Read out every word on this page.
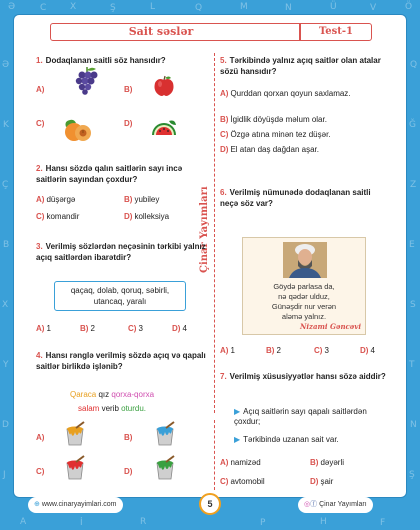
Ə	C	X	Ş	L	Q	M	N	Ü	V	Ö
Ə
K
Ç
B
X
Y
D
J
Q
Ğ
Z
E
S
T
N
Ş
A	İ	R	P	H	F
Sait səslər	Test-1
Çinar Yayımları
1. Dodaqlanan saitli söz hansıdır?
A)	B)
C)	D)
2. Hansı sözdə qalın saitlərin sayı incə saitlərin sayından çoxdur?
A) düşərgə	B) yubiley
C) komandir	D) kolleksiya
3. Verilmiş sözlərdən neçəsinin tərkibi yalnız açıq saitlərdən ibarətdir?
qaçaq, dolab, qoruq, səbirli, utancaq, yaralı
A) 1	B) 2	C) 3	D) 4
4. Hansı rənglə verilmiş sözdə açıq və qapalı saitlər birlikdə işlənib?
Qaraca qız qorxa-qorxa
salam verib oturdu.
A)	B)
C)	D)
5. Tərkibində yalnız açıq saitlər olan atalar sözü hansıdır?
A) Qurddan qorxan qoyun saxlamaz.
B) İgidlik döyüşdə məlum olar.
C) Özgə atına minən tez düşər.
D) El atan daş dağdan aşar.
6. Verilmiş nümunədə dodaqlanan saitli neçə söz var?
Göydə parlasa da,
nə qədər ulduz,
Günəşdir nur verən
aləmə yalnız.
Nizami Gəncəvi
A) 1	B) 2	C) 3	D) 4
7. Verilmiş xüsusiyyətlər hansı sözə aiddir?
▶ Açıq saitlərin sayı qapalı saitlərdən çoxdur;
▶ Tərkibində uzanan sait var.
A) namizəd	B) dəyərli
C) avtomobil	D) şair
⊕ www.cinaryayimlari.com	5	◎ⓕ Çinar Yayımları
